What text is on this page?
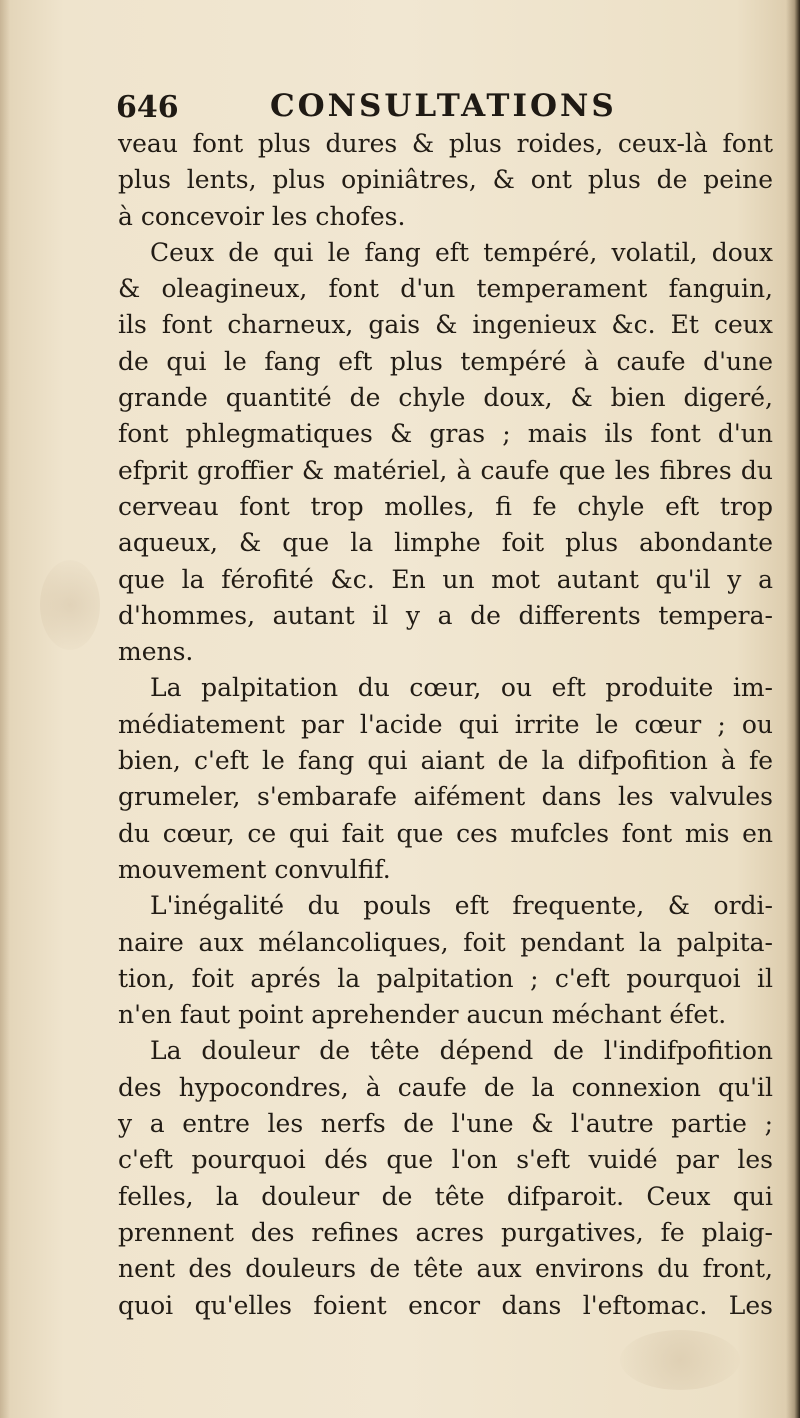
646	CONSULTATIONS
veau font plus dures & plus roides, ceux-là font
plus lents, plus opiniâtres, & ont plus de peine
à concevoir les chofes.
Ceux de qui le fang eft tempéré, volatil, doux
& oleagineux, font d'un temperament fanguin,
ils font charneux, gais & ingenieux &c. Et ceux
de qui le fang eft plus tempéré à caufe d'une
grande quantité de chyle doux, & bien digeré,
font phlegmatiques & gras ; mais ils font d'un
efprit groffier & matériel, à caufe que les fibres du
cerveau font trop molles, fi fe chyle eft trop
aqueux, & que la limphe foit plus abondante
que la férofité &c. En un mot autant qu'il y a
d'hommes, autant il y a de differents tempera-
mens.
La palpitation du cœur, ou eft produite im-
médiatement par l'acide qui irrite le cœur ; ou
bien, c'eft le fang qui aiant de la difpofition à fe
grumeler, s'embarafe aifément dans les valvules
du cœur, ce qui fait que ces mufcles font mis en
mouvement convulfif.
L'inégalité du pouls eft frequente, & ordi-
naire aux mélancoliques, foit pendant la palpita-
tion, foit aprés la palpitation ; c'eft pourquoi il
n'en faut point aprehender aucun méchant éfet.
La douleur de tête dépend de l'indifpofition
des hypocondres, à caufe de la connexion qu'il
y a entre les nerfs de l'une & l'autre partie ;
c'eft pourquoi dés que l'on s'eft vuidé par les
felles, la douleur de tête difparoit. Ceux qui
prennent des refines acres purgatives, fe plaig-
nent des douleurs de tête aux environs du front,
quoi qu'elles foient encor dans l'eftomac. Les
